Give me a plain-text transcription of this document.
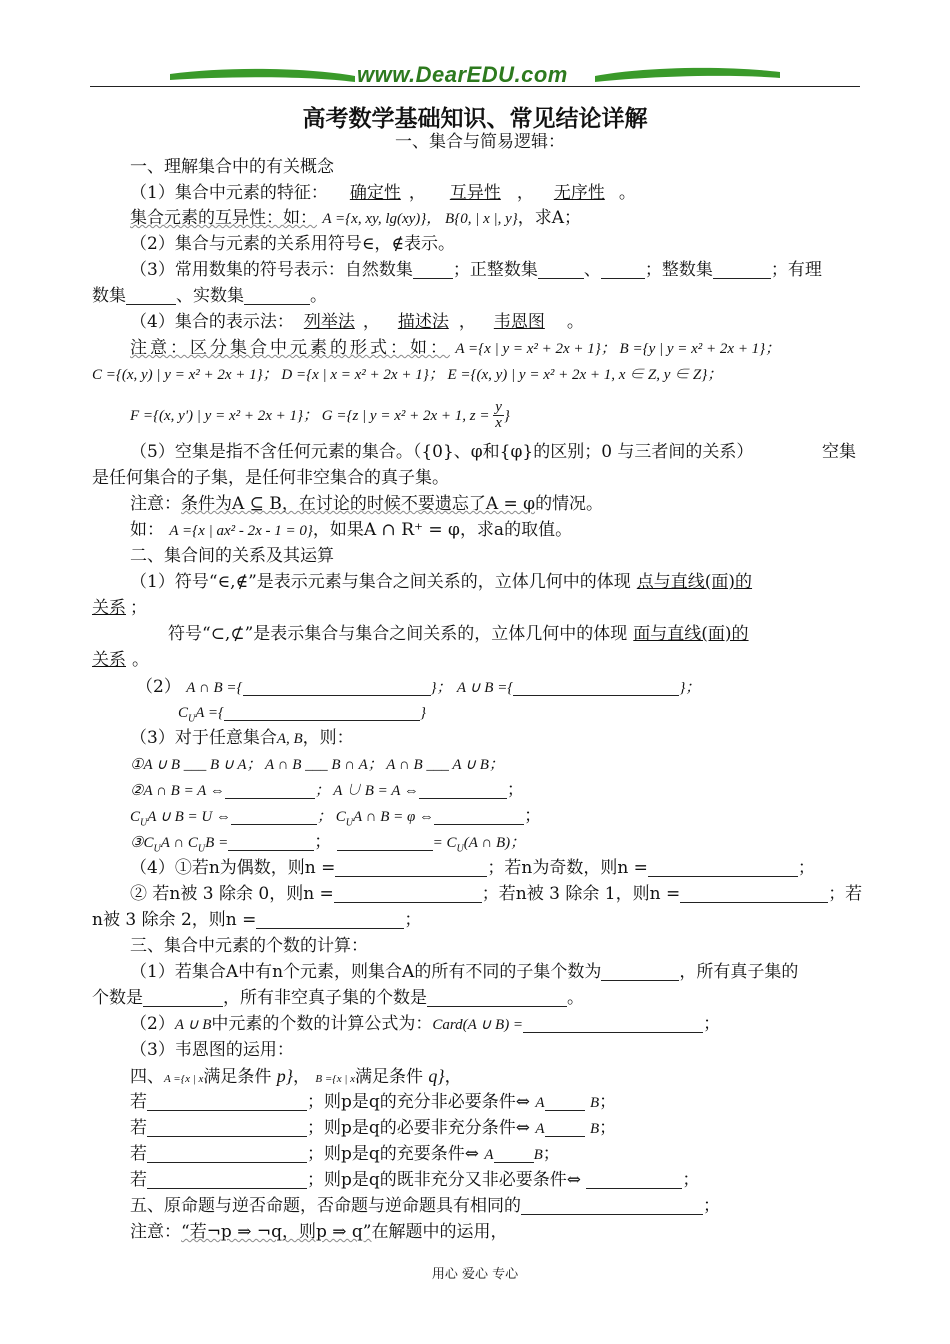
www.DearEDU.com
高考数学基础知识、常见结论详解
一、集合与简易逻辑：
一、理解集合中的有关概念
（1）集合中元素的特征： 确定性 ， 互异性 ， 无序性 。
集合元素的互异性：如： A ={x, xy, lg(xy)}， B{0, | x |, y}，求A；
（2）集合与元素的关系用符号∈，∉表示。
（3）常用数集的符号表示：自然数集 ；正整数集	、	；整数集	；有理
数集	、实数集	。
（4）集合的表示法： 列举法 ， 描述法 ， 韦恩图 。
注意：区分集合中元素的形式：如： A ={x | y = x² + 2x + 1}； B ={y | y = x² + 2x + 1}；
C ={(x, y) | y = x² + 2x + 1}； D ={x | x = x² + 2x + 1}； E ={(x, y) | y = x² + 2x + 1, x ∈ Z, y ∈ Z}；
F ={(x, y') | y = x² + 2x + 1}； G ={z | y = x² + 2x + 1, $z = \frac{y}{x}$ }
（5）空集是指不含任何元素的集合。（{0}、φ和{φ}的区别；0 与三者间的关系）	空集
是任何集合的子集，是任何非空集合的真子集。
注意：条件为A ⊆ B，在讨论的时候不要遗忘了A = φ的情况。
如： A ={x | ax² - 2x - 1 = 0}，如果A ∩ R⁺ = φ，求a的取值。
二、集合间的关系及其运算
（1）符号“∈,∉”是表示元素与集合之间关系的，立体几何中的体现 点与直线(面)的
关系 ；
符号“⊂,⊄”是表示集合与集合之间关系的，立体几何中的体现 面与直线(面)的
关系 。
（2） A ∩ B ={	}； A ∪ B ={	}；
$C_UA$ ={	}
（3）对于任意集合A, B，则：
①A ∪ B ___ B ∪ A； A ∩ B ___ B ∩ A； A ∩ B ___ A ∪ B；
②A ∩ B = A ⇔	； A ∪ B = A ⇔	；
$C_UA$ ∪ B = U ⇔	； $C_UA$ ∩ B = φ ⇔	；
$③C_UA$ ∩ $C_UB$ =	；	= $C_U(A$ ∩ B)；
（4）①若n为偶数，则n =	；若n为奇数，则n =	；
② 若n被 3 除余 0，则n =	；若n被 3 除余 1，则n =	；若
n被 3 除余 2，则n =	；
三、集合中元素的个数的计算：
（1）若集合A中有n个元素，则集合A的所有不同的子集个数为	，所有真子集的
个数是	，所有非空真子集的个数是	。
（2）A ∪ B中元素的个数的计算公式为：Card(A ∪ B) =	；
（3）韦恩图的运用：
四、A ={x | x满足条件 p}， B ={x | x满足条件 q}，
若	；则p是q的充分非必要条件⇔ A	B；
若	；则p是q的必要非充分条件⇔ A	B；
若	；则p是q的充要条件⇔ A	B；
若	；则p是q的既非充分又非必要条件⇔	；
五、原命题与逆否命题，否命题与逆命题具有相同的	；
注意：“若¬p ⇒ ¬q，则p ⇒ q”在解题中的运用，
用心 爱心 专心
